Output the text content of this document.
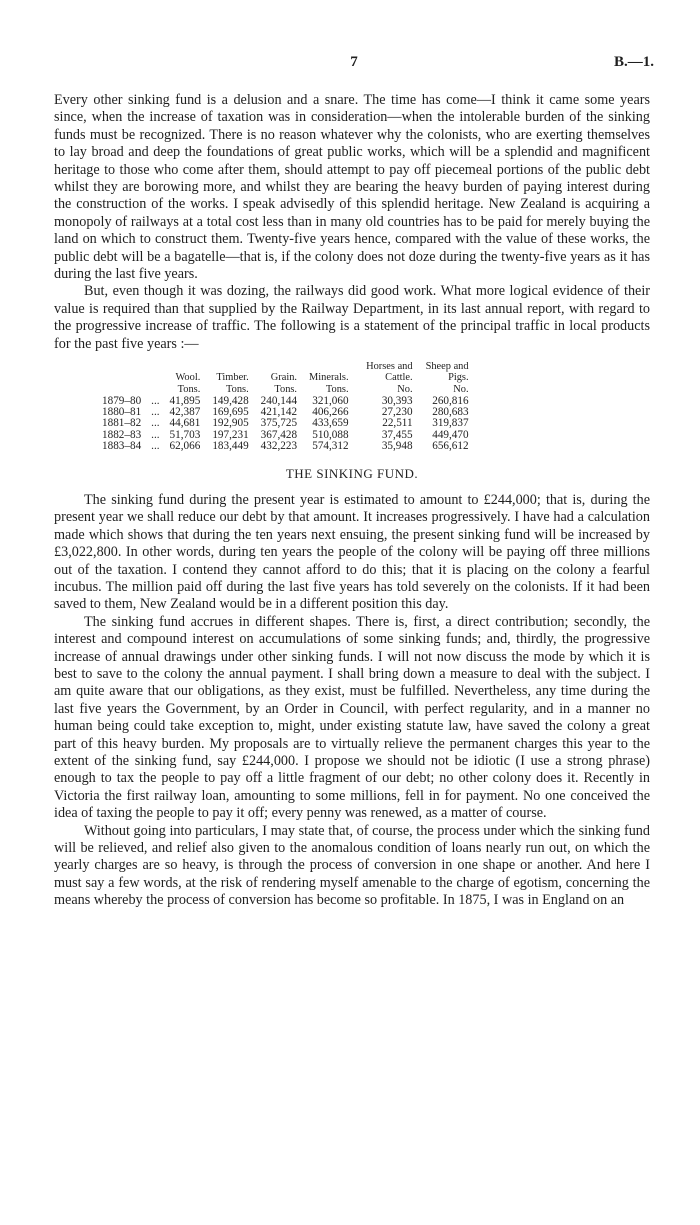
7	B.—1.

Every other sinking fund is a delusion and a snare. The time has come—I think it came some years since, when the increase of taxation was in consideration—when the intolerable burden of the sinking funds must be recognized. There is no reason whatever why the colonists, who are exerting themselves to lay broad and deep the foundations of great public works, which will be a splendid and magnificent heritage to those who come after them, should attempt to pay off piecemeal portions of the public debt whilst they are borowing more, and whilst they are bearing the heavy burden of paying interest during the construction of the works. I speak advisedly of this splendid heritage. New Zealand is acquiring a monopoly of railways at a total cost less than in many old countries has to be paid for merely buying the land on which to construct them. Twenty-five years hence, compared with the value of these works, the public debt will be a bagatelle—that is, if the colony does not doze during the twenty-five years as it has during the last five years.

But, even though it was dozing, the railways did good work. What more logical evidence of their value is required than that supplied by the Railway Department, in its last annual report, with regard to the progressive increase of traffic. The following is a statement of the principal traffic in local products for the past five years :—

		Wool.	Timber.	Grain.	Minerals.	Horses and Cattle.	Sheep and Pigs.
		Tons.	Tons.	Tons.	Tons.	No.	No.
1879–80	...	41,895	149,428	240,144	321,060	30,393	260,816
1880–81	...	42,387	169,695	421,142	406,266	27,230	280,683
1881–82	...	44,681	192,905	375,725	433,659	22,511	319,837
1882–83	...	51,703	197,231	367,428	510,088	37,455	449,470
1883–84	...	62,066	183,449	432,223	574,312	35,948	656,612
THE SINKING FUND.

The sinking fund during the present year is estimated to amount to £244,000; that is, during the present year we shall reduce our debt by that amount. It increases progressively. I have had a calculation made which shows that during the ten years next ensuing, the present sinking fund will be increased by £3,022,800. In other words, during ten years the people of the colony will be paying off three millions out of the taxation. I contend they cannot afford to do this; that it is placing on the colony a fearful incubus. The million paid off during the last five years has told severely on the colonists. If it had been saved to them, New Zealand would be in a different position this day.

The sinking fund accrues in different shapes. There is, first, a direct contribution; secondly, the interest and compound interest on accumulations of some sinking funds; and, thirdly, the progressive increase of annual drawings under other sinking funds. I will not now discuss the mode by which it is best to save to the colony the annual payment. I shall bring down a measure to deal with the subject. I am quite aware that our obligations, as they exist, must be fulfilled. Nevertheless, any time during the last five years the Government, by an Order in Council, with perfect regularity, and in a manner no human being could take exception to, might, under existing statute law, have saved the colony a great part of this heavy burden. My proposals are to virtually relieve the permanent charges this year to the extent of the sinking fund, say £244,000. I propose we should not be idiotic (I use a strong phrase) enough to tax the people to pay off a little fragment of our debt; no other colony does it. Recently in Victoria the first railway loan, amounting to some millions, fell in for payment. No one conceived the idea of taxing the people to pay it off; every penny was renewed, as a matter of course.

Without going into particulars, I may state that, of course, the process under which the sinking fund will be relieved, and relief also given to the anomalous condition of loans nearly run out, on which the yearly charges are so heavy, is through the process of conversion in one shape or another. And here I must say a few words, at the risk of rendering myself amenable to the charge of egotism, concerning the means whereby the process of conversion has become so profitable. In 1875, I was in England on an
